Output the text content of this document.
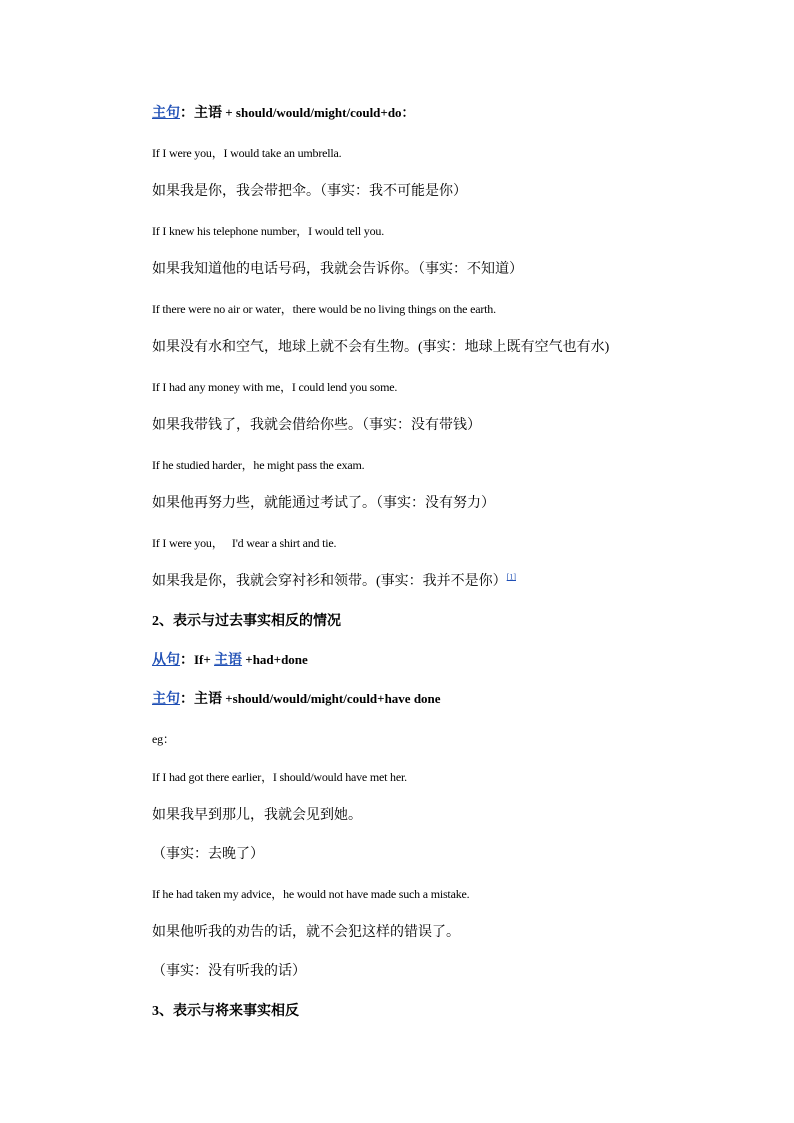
主句：主语 + should/would/might/could+do：
If I were you，I would take an umbrella.
如果我是你，我会带把伞。（事实：我不可能是你）
If I knew his telephone number，I would tell you.
如果我知道他的电话号码，我就会告诉你。（事实：不知道）
If there were no air or water，there would be no living things on the earth.
如果没有水和空气，地球上就不会有生物。(事实：地球上既有空气也有水)
If I had any money with me，I could lend you some.
如果我带钱了，我就会借给你些。（事实：没有带钱）
If he studied harder，he might pass the exam.
如果他再努力些，就能通过考试了。（事实：没有努力）
If I were you，   I'd wear a shirt and tie.
如果我是你，我就会穿衬衫和领带。(事实：我并不是你）[1]
2、表示与过去事实相反的情况
从句：If+ 主语 +had+done
主句：主语 +should/would/might/could+have done
eg：
If I had got there earlier，I should/would have met her.
如果我早到那儿，我就会见到她。
（事实：去晚了）
If he had taken my advice，he would not have made such a mistake.
如果他听我的劝告的话，就不会犯这样的错误了。
（事实：没有听我的话）
3、表示与将来事实相反
